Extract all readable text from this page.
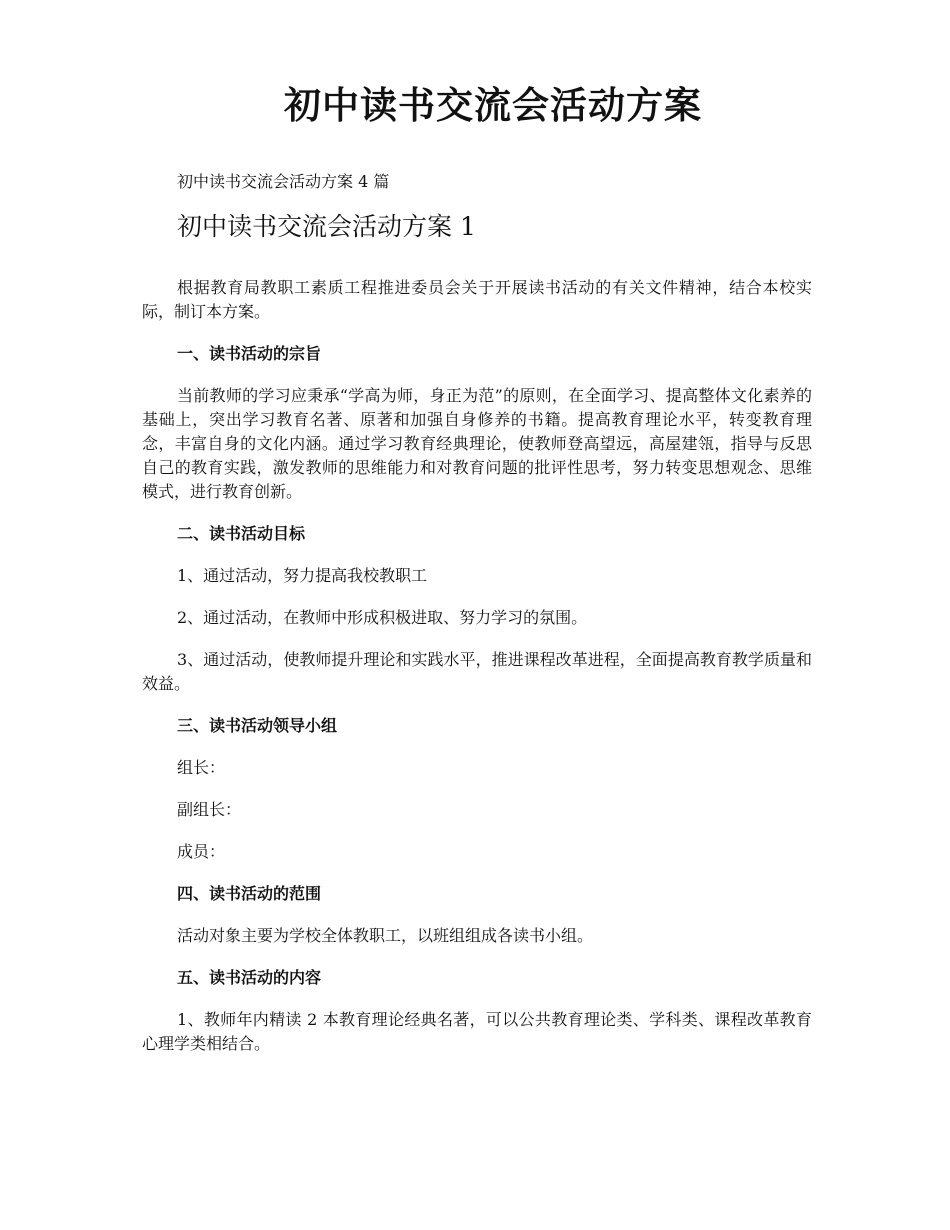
初中读书交流会活动方案

初中读书交流会活动方案 4 篇

初中读书交流会活动方案 1

根据教育局教职工素质工程推进委员会关于开展读书活动的有关文件精神，结合本校实际，制订本方案。

一、读书活动的宗旨

当前教师的学习应秉承“学高为师，身正为范”的原则，在全面学习、提高整体文化素养的基础上，突出学习教育名著、原著和加强自身修养的书籍。提高教育理论水平，转变教育理念，丰富自身的文化内涵。通过学习教育经典理论，使教师登高望远，高屋建瓴，指导与反思自己的教育实践，激发教师的思维能力和对教育问题的批评性思考，努力转变思想观念、思维模式，进行教育创新。

二、读书活动目标

1、通过活动，努力提高我校教职工

2、通过活动，在教师中形成积极进取、努力学习的氛围。

3、通过活动，使教师提升理论和实践水平，推进课程改革进程，全面提高教育教学质量和效益。

三、读书活动领导小组

组长：

副组长：

成员：

四、读书活动的范围

活动对象主要为学校全体教职工，以班组组成各读书小组。

五、读书活动的内容

1、教师年内精读 2 本教育理论经典名著，可以公共教育理论类、学科类、课程改革教育心理学类相结合。
